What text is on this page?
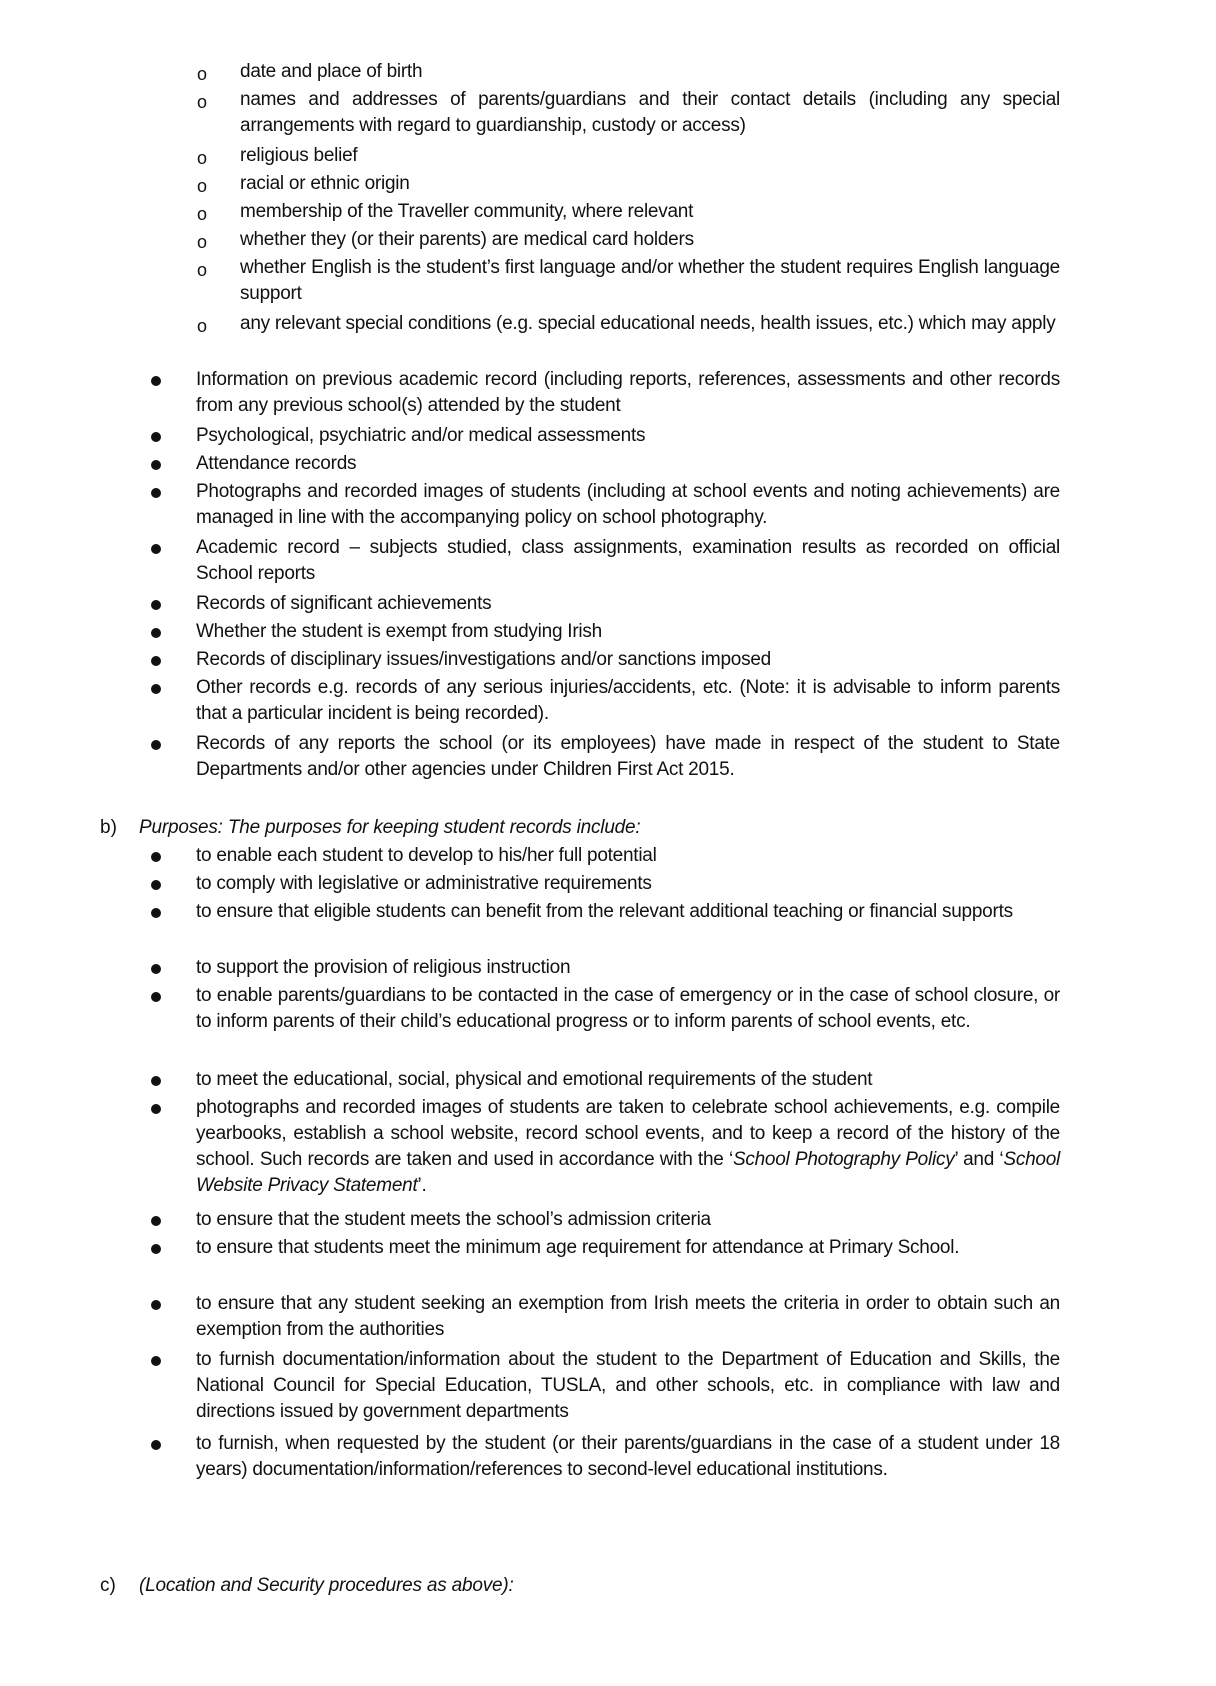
o date and place of birth
o names and addresses of parents/guardians and their contact details (including any special arrangements with regard to guardianship, custody or access)
o religious belief
o racial or ethnic origin
o membership of the Traveller community, where relevant
o whether they (or their parents) are medical card holders
o whether English is the student’s first language and/or whether the student requires English language support
o any relevant special conditions (e.g. special educational needs, health issues, etc.) which may apply
Information on previous academic record (including reports, references, assessments and other records from any previous school(s) attended by the student
Psychological, psychiatric and/or medical assessments
Attendance records
Photographs and recorded images of students (including at school events and noting achievements) are managed in line with the accompanying policy on school photography.
Academic record – subjects studied, class assignments, examination results as recorded on official School reports
Records of significant achievements
Whether the student is exempt from studying Irish
Records of disciplinary issues/investigations and/or sanctions imposed
Other records e.g. records of any serious injuries/accidents, etc. (Note: it is advisable to inform parents that a particular incident is being recorded).
Records of any reports the school (or its employees) have made in respect of the student to State Departments and/or other agencies under Children First Act 2015.
b) Purposes: The purposes for keeping student records include:
to enable each student to develop to his/her full potential
to comply with legislative or administrative requirements
to ensure that eligible students can benefit from the relevant additional teaching or financial supports
to support the provision of religious instruction
to enable parents/guardians to be contacted in the case of emergency or in the case of school closure, or to inform parents of their child’s educational progress or to inform parents of school events, etc.
to meet the educational, social, physical and emotional requirements of the student
photographs and recorded images of students are taken to celebrate school achievements, e.g. compile yearbooks, establish a school website, record school events, and to keep a record of the history of the school. Such records are taken and used in accordance with the ‘School Photography Policy’ and ‘School Website Privacy Statement’.
to ensure that the student meets the school’s admission criteria
to ensure that students meet the minimum age requirement for attendance at Primary School.
to ensure that any student seeking an exemption from Irish meets the criteria in order to obtain such an exemption from the authorities
to furnish documentation/information about the student to the Department of Education and Skills, the National Council for Special Education, TUSLA, and other schools, etc. in compliance with law and directions issued by government departments
to furnish, when requested by the student (or their parents/guardians in the case of a student under 18 years) documentation/information/references to second-level educational institutions.
c) (Location and Security procedures as above):
